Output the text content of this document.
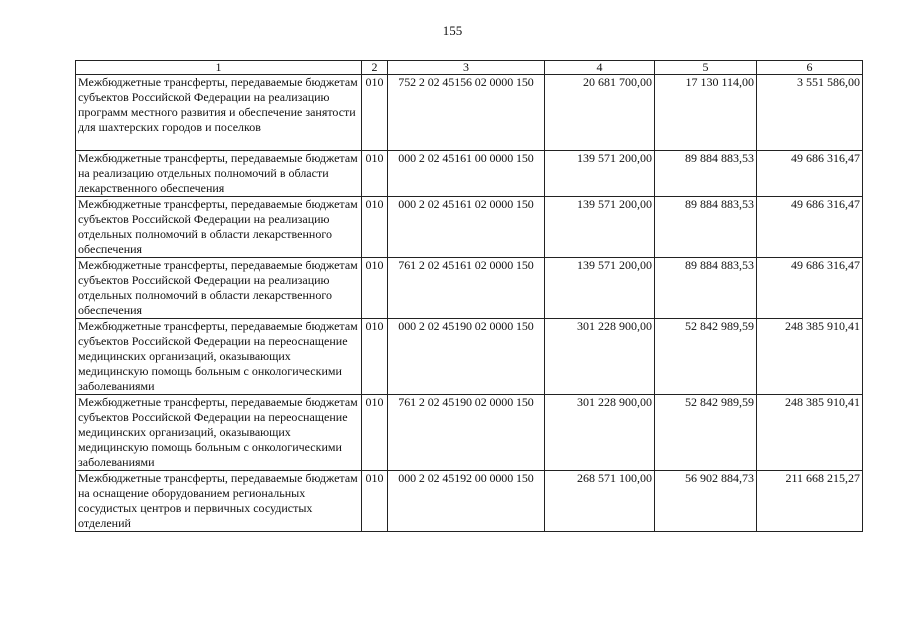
155
1	2	3	4	5	6
Межбюджетные трансферты, передаваемые бюджетам субъектов Российской Федерации на реализацию программ местного развития и обеспечение занятости для шахтерских городов и поселков	010	752 2 02 45156 02 0000 150	20 681 700,00	17 130 114,00	3 551 586,00
Межбюджетные трансферты, передаваемые бюджетам на реализацию отдельных полномочий в области лекарственного обеспечения	010	000 2 02 45161 00 0000 150	139 571 200,00	89 884 883,53	49 686 316,47
Межбюджетные трансферты, передаваемые бюджетам субъектов Российской Федерации на реализацию отдельных полномочий в области лекарственного обеспечения	010	000 2 02 45161 02 0000 150	139 571 200,00	89 884 883,53	49 686 316,47
Межбюджетные трансферты, передаваемые бюджетам субъектов Российской Федерации на реализацию отдельных полномочий в области лекарственного обеспечения	010	761 2 02 45161 02 0000 150	139 571 200,00	89 884 883,53	49 686 316,47
Межбюджетные трансферты, передаваемые бюджетам субъектов Российской Федерации на переоснащение медицинских организаций, оказывающих медицинскую помощь больным с онкологическими заболеваниями	010	000 2 02 45190 02 0000 150	301 228 900,00	52 842 989,59	248 385 910,41
Межбюджетные трансферты, передаваемые бюджетам субъектов Российской Федерации на переоснащение медицинских организаций, оказывающих медицинскую помощь больным с онкологическими заболеваниями	010	761 2 02 45190 02 0000 150	301 228 900,00	52 842 989,59	248 385 910,41
Межбюджетные трансферты, передаваемые бюджетам на оснащение оборудованием региональных сосудистых центров и первичных сосудистых отделений	010	000 2 02 45192 00 0000 150	268 571 100,00	56 902 884,73	211 668 215,27
